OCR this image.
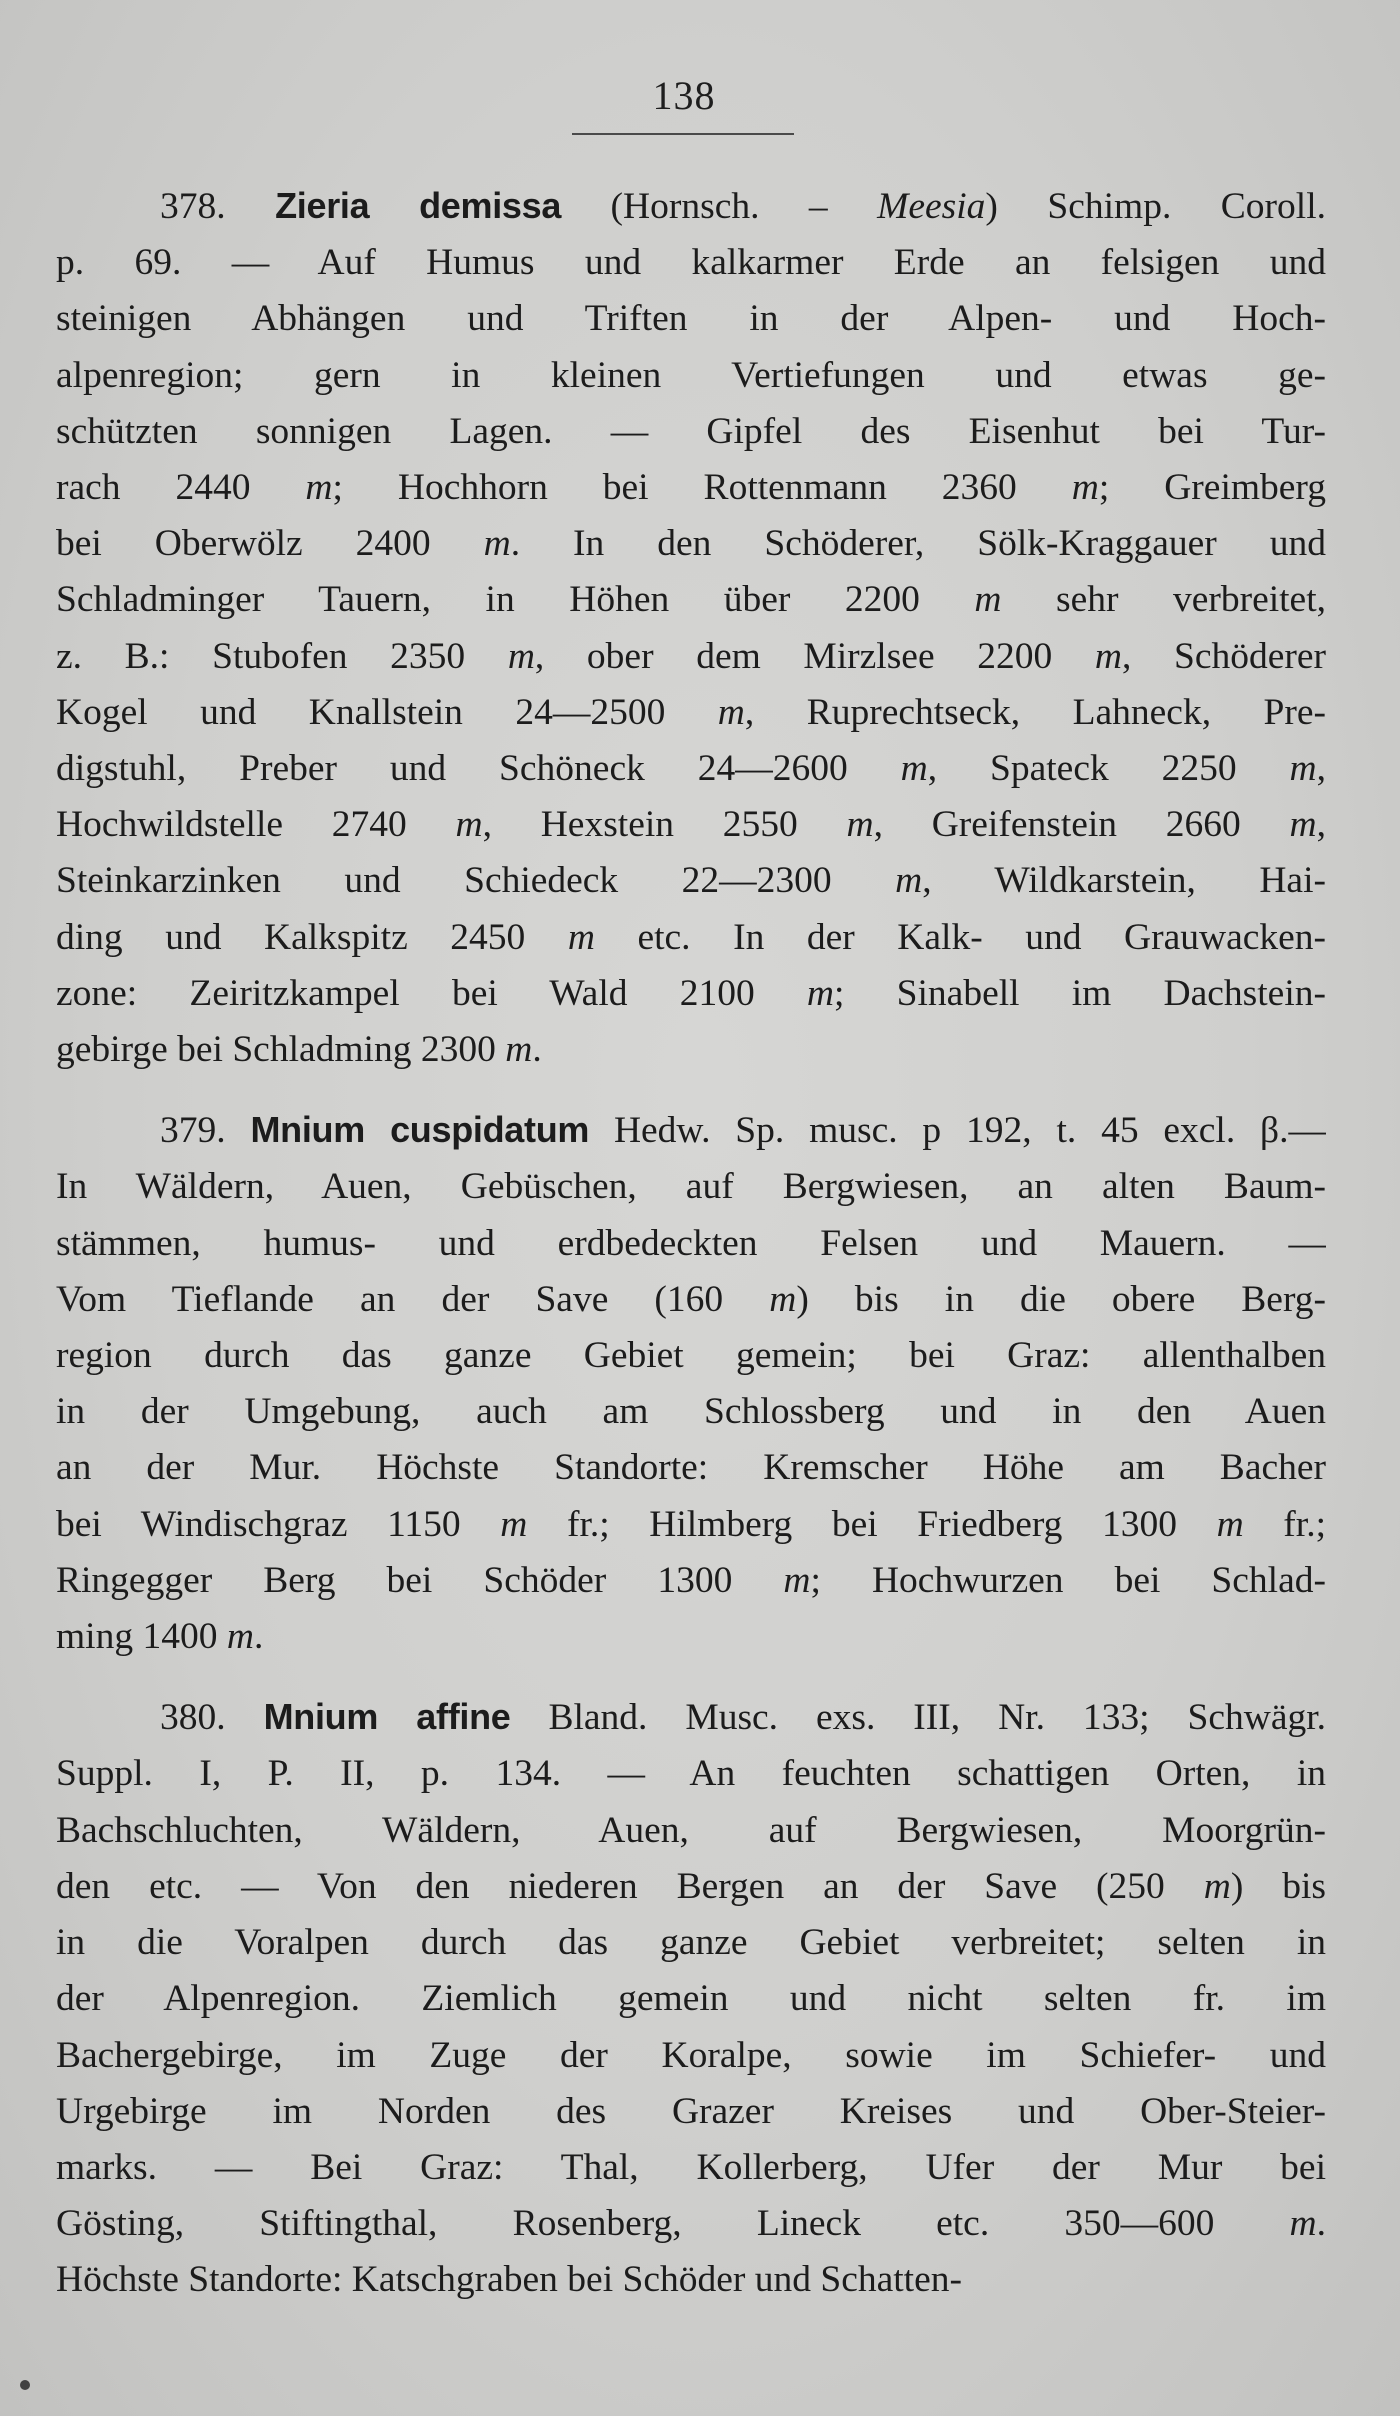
138
378. Zieria demissa (Hornsch. – Meesia) Schimp. Coroll.
p. 69. — Auf Humus und kalkarmer Erde an felsigen und
steinigen Abhängen und Triften in der Alpen- und Hoch-
alpenregion; gern in kleinen Vertiefungen und etwas ge-
schützten sonnigen Lagen. — Gipfel des Eisenhut bei Tur-
rach 2440 m; Hochhorn bei Rottenmann 2360 m; Greimberg
bei Oberwölz 2400 m. In den Schöderer, Sölk-Kraggauer und
Schladminger Tauern, in Höhen über 2200 m sehr verbreitet,
z. B.: Stubofen 2350 m, ober dem Mirzlsee 2200 m, Schöderer
Kogel und Knallstein 24—2500 m, Ruprechtseck, Lahneck, Pre-
digstuhl, Preber und Schöneck 24—2600 m, Spateck 2250 m,
Hochwildstelle 2740 m, Hexstein 2550 m, Greifenstein 2660 m,
Steinkarzinken und Schiedeck 22—2300 m, Wildkarstein, Hai-
ding und Kalkspitz 2450 m etc. In der Kalk- und Grauwacken-
zone: Zeiritzkampel bei Wald 2100 m; Sinabell im Dachstein-
gebirge bei Schladming 2300 m.
379. Mnium cuspidatum Hedw. Sp. musc. p 192, t. 45 excl. β.—
In Wäldern, Auen, Gebüschen, auf Bergwiesen, an alten Baum-
stämmen, humus- und erdbedeckten Felsen und Mauern. —
Vom Tieflande an der Save (160 m) bis in die obere Berg-
region durch das ganze Gebiet gemein; bei Graz: allenthalben
in der Umgebung, auch am Schlossberg und in den Auen
an der Mur. Höchste Standorte: Kremscher Höhe am Bacher
bei Windischgraz 1150 m fr.; Hilmberg bei Friedberg 1300 m fr.;
Ringegger Berg bei Schöder 1300 m; Hochwurzen bei Schlad-
ming 1400 m.
380. Mnium affine Bland. Musc. exs. III, Nr. 133; Schwägr.
Suppl. I, P. II, p. 134. — An feuchten schattigen Orten, in
Bachschluchten, Wäldern, Auen, auf Bergwiesen, Moorgrün-
den etc. — Von den niederen Bergen an der Save (250 m) bis
in die Voralpen durch das ganze Gebiet verbreitet; selten in
der Alpenregion. Ziemlich gemein und nicht selten fr. im
Bachergebirge, im Zuge der Koralpe, sowie im Schiefer- und
Urgebirge im Norden des Grazer Kreises und Ober-Steier-
marks. — Bei Graz: Thal, Kollerberg, Ufer der Mur bei
Gösting, Stiftingthal, Rosenberg, Lineck etc. 350—600 m.
Höchste Standorte: Katschgraben bei Schöder und Schatten-
